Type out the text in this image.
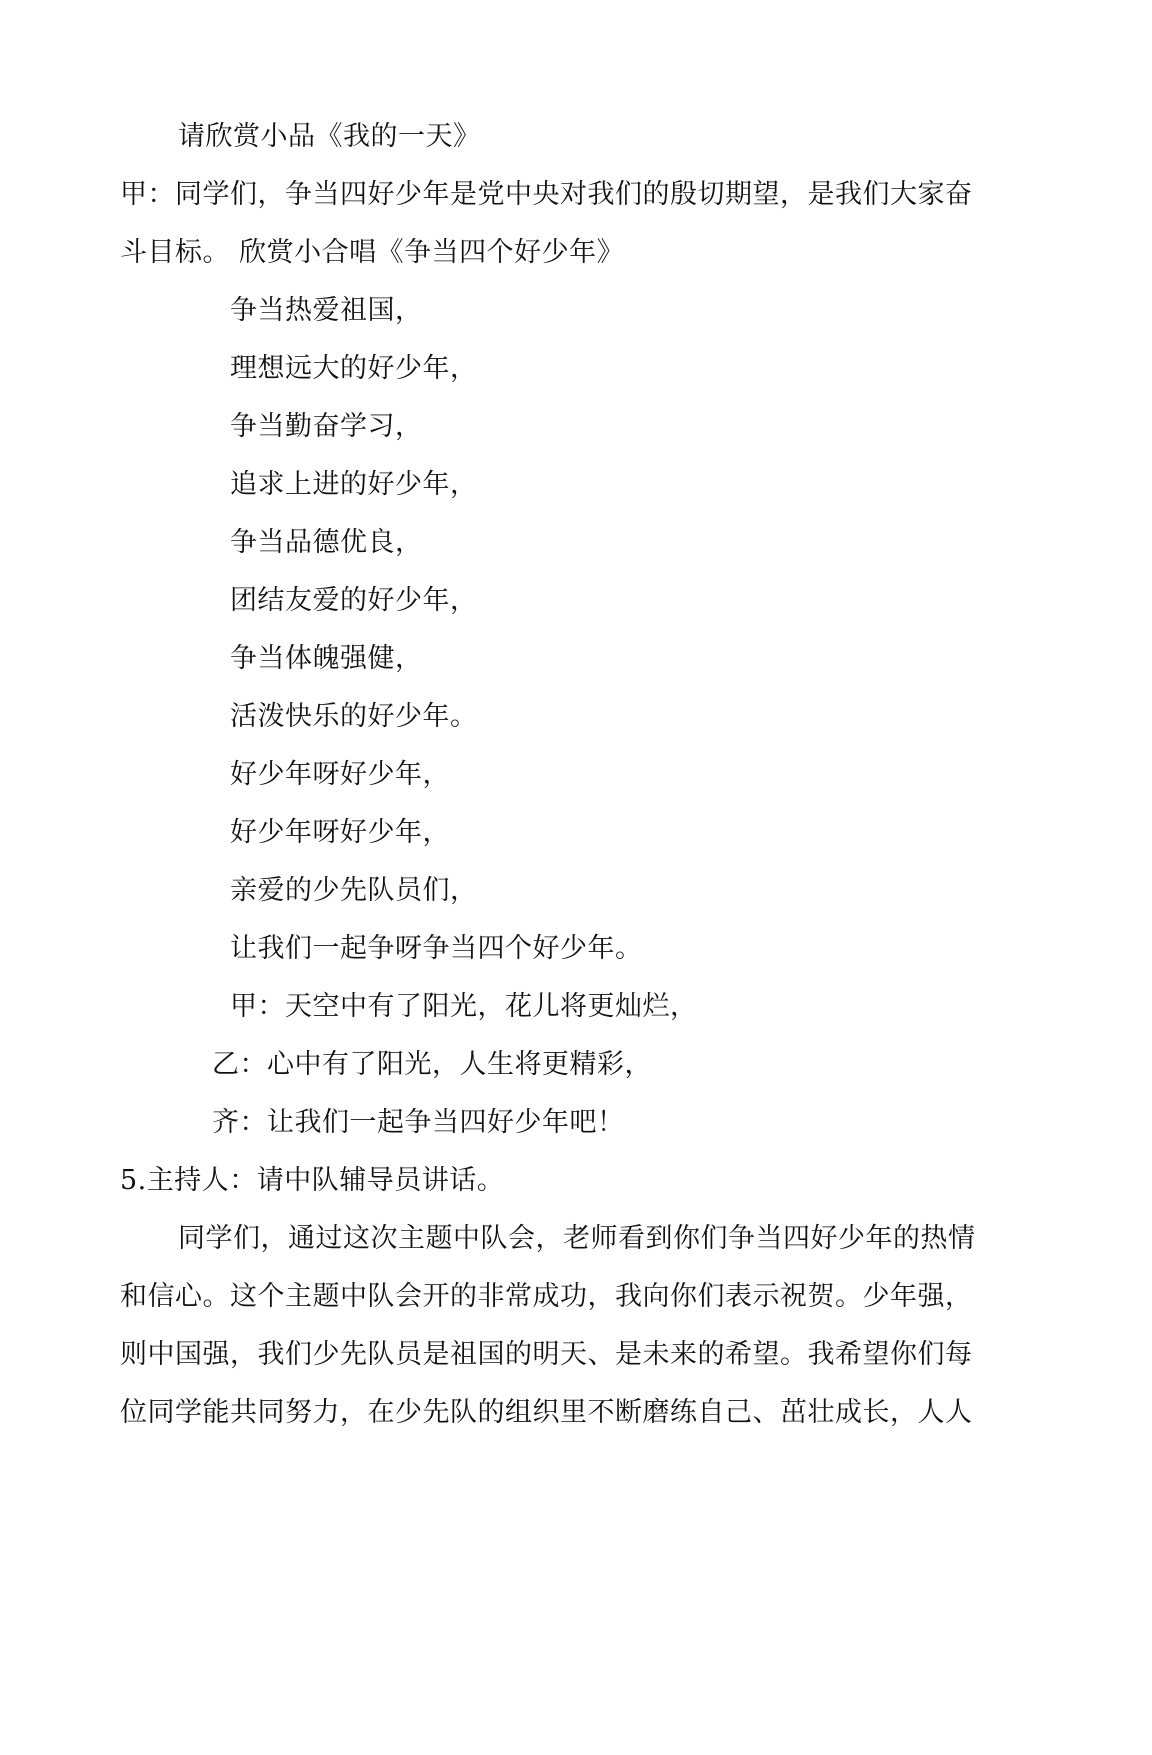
请欣赏小品《我的一天》
甲：同学们，争当四好少年是党中央对我们的殷切期望，是我们大家奋
斗目标。 欣赏小合唱《争当四个好少年》
争当热爱祖国，
理想远大的好少年，
争当勤奋学习，
追求上进的好少年，
争当品德优良，
团结友爱的好少年，
争当体魄强健，
活泼快乐的好少年。
好少年呀好少年，
好少年呀好少年，
亲爱的少先队员们，
让我们一起争呀争当四个好少年。
甲：天空中有了阳光，花儿将更灿烂，
乙：心中有了阳光，人生将更精彩，
齐：让我们一起争当四好少年吧！
5.主持人：请中队辅导员讲话。
同学们，通过这次主题中队会，老师看到你们争当四好少年的热情
和信心。这个主题中队会开的非常成功，我向你们表示祝贺。少年强，
则中国强，我们少先队员是祖国的明天、是未来的希望。我希望你们每
位同学能共同努力，在少先队的组织里不断磨练自己、茁壮成长，人人
